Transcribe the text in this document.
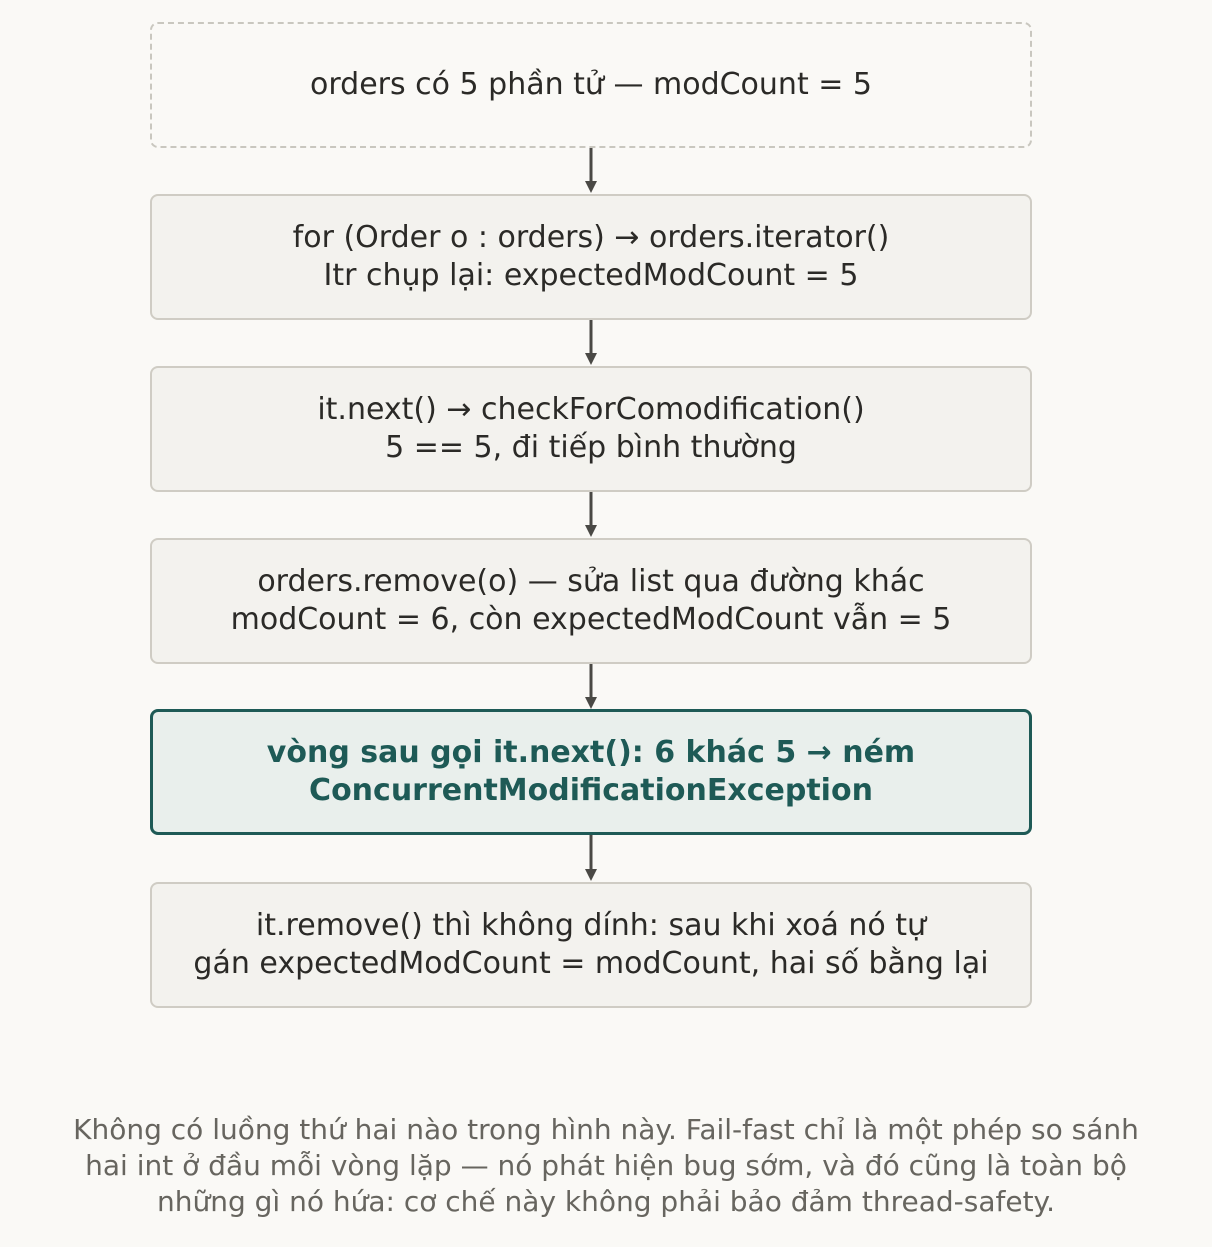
orders có 5 phần tử — modCount = 5
for (Order o : orders) → orders.iterator()
Itr chụp lại: expectedModCount = 5
it.next() → checkForComodification()
5 == 5, đi tiếp bình thường
orders.remove(o) — sửa list qua đường khác
modCount = 6, còn expectedModCount vẫn = 5
vòng sau gọi it.next(): 6 khác 5 → ném
ConcurrentModificationException
it.remove() thì không dính: sau khi xoá nó tự
gán expectedModCount = modCount, hai số bằng lại
Không có luồng thứ hai nào trong hình này. Fail-fast chỉ là một phép so sánh
hai int ở đầu mỗi vòng lặp — nó phát hiện bug sớm, và đó cũng là toàn bộ
những gì nó hứa: cơ chế này không phải bảo đảm thread-safety.
